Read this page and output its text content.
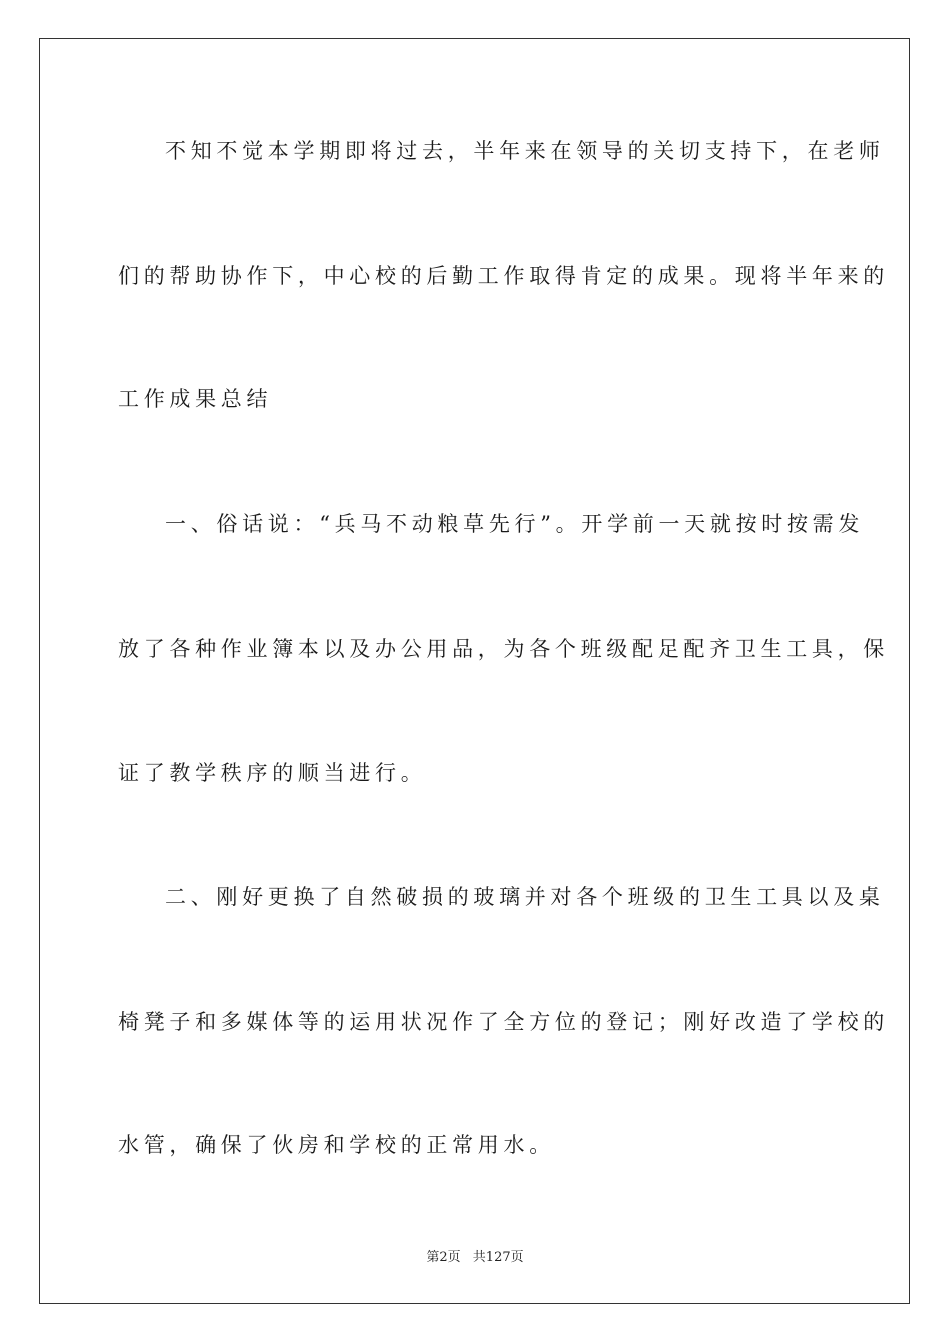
不知不觉本学期即将过去，半年来在领导的关切支持下，在老师
们的帮助协作下，中心校的后勤工作取得肯定的成果。现将半年来的
工作成果总结
一、俗话说：“兵马不动粮草先行”。开学前一天就按时按需发
放了各种作业簿本以及办公用品，为各个班级配足配齐卫生工具，保
证了教学秩序的顺当进行。
二、刚好更换了自然破损的玻璃并对各个班级的卫生工具以及桌
椅凳子和多媒体等的运用状况作了全方位的登记；刚好改造了学校的
水管，确保了伙房和学校的正常用水。
第2页 共127页
